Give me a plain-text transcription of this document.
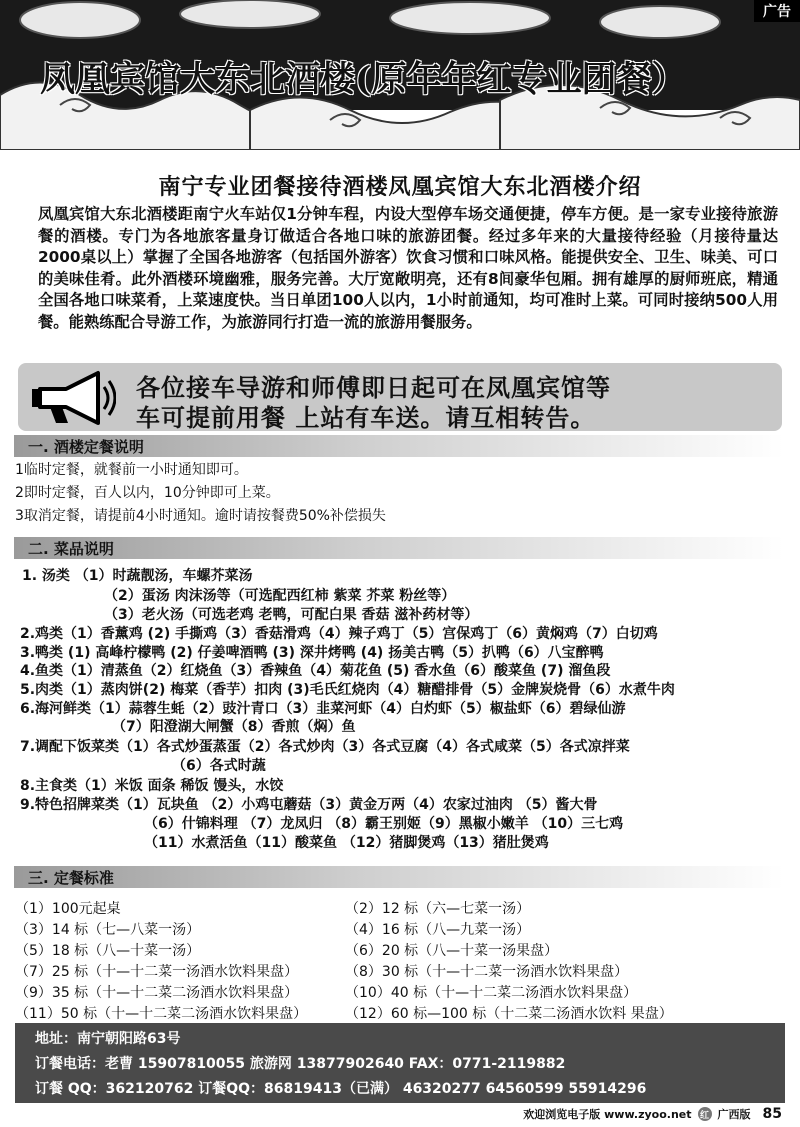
广告
凤凰宾馆大东北酒楼(原年年红专业团餐）
南宁专业团餐接待酒楼凤凰宾馆大东北酒楼介绍
凤凰宾馆大东北酒楼距南宁火车站仅1分钟车程，内设大型停车场交通便捷，停车方便。是一家专业接待旅游餐的酒楼。专门为各地旅客量身订做适合各地口味的旅游团餐。经过多年来的大量接待经验（月接待量达2000桌以上）掌握了全国各地游客（包括国外游客）饮食习惯和口味风格。能提供安全、卫生、味美、可口的美味佳肴。此外酒楼环境幽雅，服务完善。大厅宽敞明亮，还有8间豪华包厢。拥有雄厚的厨师班底，精通全国各地口味菜肴，上菜速度快。当日单团100人以内，1小时前通知，均可准时上菜。可同时接纳500人用餐。能熟练配合导游工作，为旅游同行打造一流的旅游用餐服务。
各位接车导游和师傅即日起可在凤凰宾馆等
车可提前用餐 上站有车送。请互相转告。
一. 酒楼定餐说明
1临时定餐，就餐前一小时通知即可。
2即时定餐，百人以内，10分钟即可上菜。
3取消定餐，请提前4小时通知。逾时请按餐费50%补偿损失
二. 菜品说明
1. 汤类 （1）时蔬靓汤，车螺芥菜汤
（2）蛋汤 肉沫汤等（可选配西红柿 紫菜 芥菜 粉丝等）
（3）老火汤（可选老鸡 老鸭，可配白果 香菇 滋补药材等）
2.鸡类（1）香薰鸡 (2) 手撕鸡（3）香菇滑鸡（4）辣子鸡丁（5）宫保鸡丁（6）黄焖鸡（7）白切鸡
3.鸭类 (1) 高峰柠檬鸭 (2) 仔姜啤酒鸭 (3) 深井烤鸭 (4) 扬美古鸭（5）扒鸭（6）八宝醉鸭
4.鱼类（1）清蒸鱼（2）红烧鱼（3）香辣鱼（4）菊花鱼 (5) 香水鱼（6）酸菜鱼 (7) 溜鱼段
5.肉类（1）蒸肉饼(2) 梅菜（香芋）扣肉 (3)毛氏红烧肉（4）糖醋排骨（5）金牌炭烧骨（6）水煮牛肉
6.海河鲜类（1）蒜蓉生蚝（2）豉汁青口（3）韭菜河虾（4）白灼虾（5）椒盐虾（6）碧绿仙游
（7）阳澄湖大闸蟹（8）香煎（焖）鱼
7.调配下饭菜类（1）各式炒蛋蒸蛋（2）各式炒肉（3）各式豆腐（4）各式咸菜（5）各式凉拌菜
（6）各式时蔬
8.主食类（1）米饭 面条 稀饭 馒头，水饺
9.特色招牌菜类（1）瓦块鱼 （2）小鸡屯蘑菇（3）黄金万两（4）农家过油肉 （5）酱大骨
（6）什锦料理 （7）龙凤归 （8）霸王别姬（9）黑椒小嫩羊 （10）三七鸡
（11）水煮活鱼（11）酸菜鱼 （12）猪脚煲鸡（13）猪肚煲鸡
三. 定餐标准
（1）100元起桌
（3）14 标（七—八菜一汤）
（5）18 标（八—十菜一汤）
（7）25 标（十—十二菜一汤酒水饮料果盘）
（9）35 标（十—十二菜二汤酒水饮料果盘）
（11）50 标（十—十二菜二汤酒水饮料果盘）
（2）12 标（六—七菜一汤）
（4）16 标（八—九菜一汤）
（6）20 标（八—十菜一汤果盘）
（8）30 标（十—十二菜一汤酒水饮料果盘）
（10）40 标（十—十二菜二汤酒水饮料果盘）
（12）60 标—100 标（十二菜二汤酒水饮料 果盘）
地址：南宁朝阳路63号
订餐电话：老曹 15907810055 旅游网 13877902640 FAX：0771-2119882
订餐 QQ：362120762 订餐QQ：86819413（已满） 46320277 64560599 55914296
欢迎浏览电子版 www.zyoo.net 红 广西版 85
